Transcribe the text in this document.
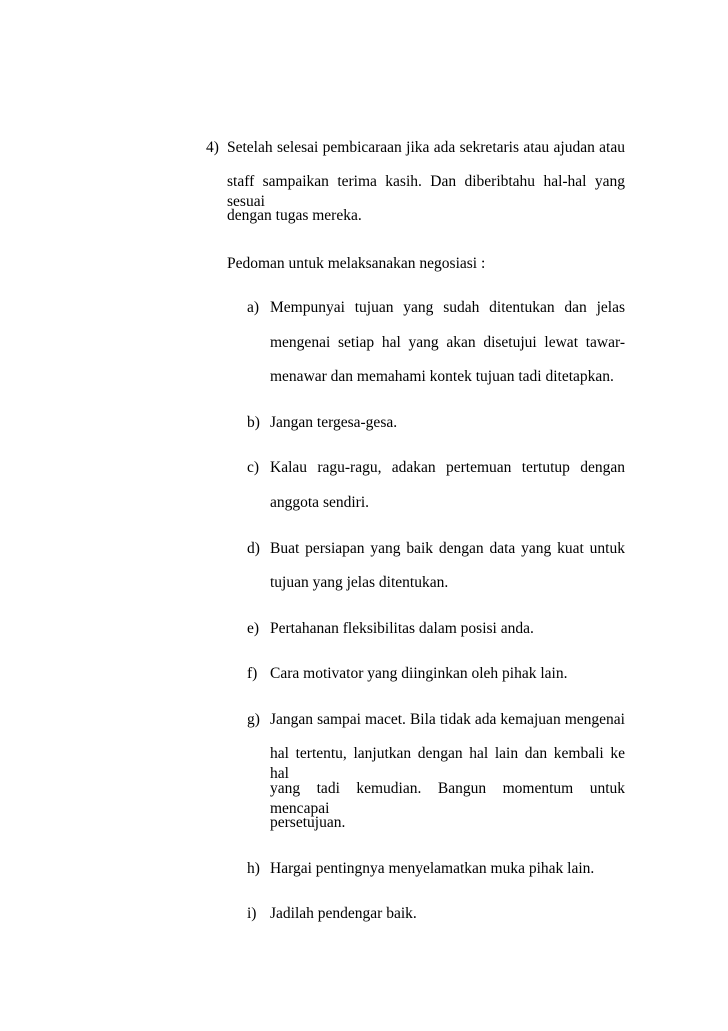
4) Setelah selesai pembicaraan jika ada sekretaris atau ajudan atau
staff sampaikan terima kasih. Dan diberibtahu hal-hal yang sesuai
dengan tugas mereka.
Pedoman untuk melaksanakan negosiasi :
a) Mempunyai tujuan yang sudah ditentukan dan jelas
mengenai setiap hal yang akan disetujui lewat tawar-
menawar dan memahami kontek tujuan tadi ditetapkan.
b) Jangan tergesa-gesa.
c) Kalau ragu-ragu, adakan pertemuan tertutup dengan
anggota sendiri.
d) Buat persiapan yang baik dengan data yang kuat untuk
tujuan yang jelas ditentukan.
e) Pertahanan fleksibilitas dalam posisi anda.
f) Cara motivator yang diinginkan oleh pihak lain.
g) Jangan sampai macet. Bila tidak ada kemajuan mengenai
hal tertentu, lanjutkan dengan hal lain dan kembali ke hal
yang tadi kemudian. Bangun momentum untuk mencapai
persetujuan.
h) Hargai pentingnya menyelamatkan muka pihak lain.
i) Jadilah pendengar baik.
